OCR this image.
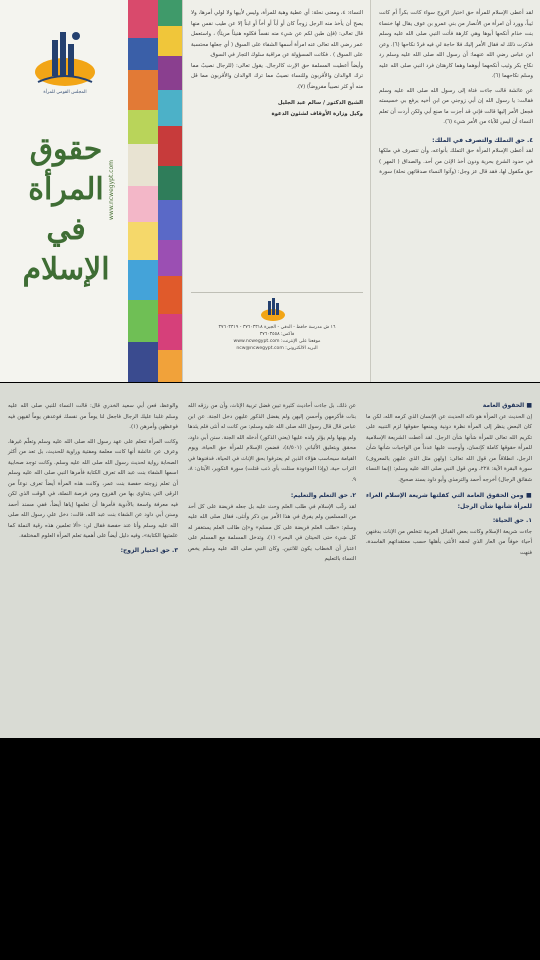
المجلس القومي للمرأة
حقوق
المرأة في
الإسلام
www.ncwegypt.com

النساء: ٤، ومعنى نحلة: أي عطية وهبة للمرأة، وليس لأبيها ولا لولي أمرها، ولا يصح أن يأخذ منه الرجل زوجاً كان أو أباً أو أخاً أو ابناً إلا عن طيب نفس منها قال تعالى: (فإن طبن لكم عن شيء منه نفساً فكلوه هنيئاً مريئاً) ، واستعمل عمر رضي الله تعالى عنه امرأة أسمها الشفاء على السوق ( أي جعلها محتسبة على السوق ) . فكانت المسؤولة عن مراقبة سلوك التجار في السوق.

وأيضاً أعطيت المسلمة حق الإرث كالرجال. يقول تعالى: (للرجال نصيبٌ مما ترك الوالدان والأقربون وللنساء نصيبٌ مما ترك الوالدان والأقربون مما قل منه أو كثر نصيباً مفروضاً) (٧).

الشيخ الدكتور / سالم عبد الجليل

وكيل وزارة الأوقاف لشئون الدعوة

١٦ ش مدرسة حافظ - الدقي - الجيزة ٣٧٦٠٣٣١٨ - ٣٧٦٠٣٣١٩
فاكس: ٣٧٦٠٣٥٥٨
موقعنا على الإنترنت: www.ncwegypt.com
البريد الالكتروني: ncw@ncwegypt.com

لقد أعطى الإسلام للمرأة حق اختيار الزوج سواء كانت بكراً أم كانت ثيباً، وورد أن امرأة من الأنصار من بني عمرو بن عوف يقال لها خنساء بنت خذام أنكحها أبوها وهي كارهة فأتت النبي صلى الله عليه وسلم فذكرت ذلك له فقال الأمر إليك فلا حاجة لي فيه فردّ نكاحها (٦). وعن ابن عباس رضي الله عنهما: أن رسول الله صلى الله عليه وسلم رد نكاح بكر وثيب أنكحهما أبوهما وهما كارهتان فرد النبي صلى الله عليه وسلم نكاحهما (٦).

عن عائشة قالت جاءت فتاة إلى رسول الله صلى الله عليه وسلم فقالت: يا رسول الله إن أبي زوجني من ابن أخيه يرفع بي خسيسته فجعل الأمر إليها قالت فإني قد أجزت ما صنع أبي ولكن أردت أن تعلم النساء أن ليس للآباء من الأمر شيء (٦).

٤. حق التملك والتصرف في الملك:

لقد أعطى الإسلام المرأة حق التملك بأنواعه، وأن تتصرف في ملكها في حدود الشرع بحرية ودون أخذ الإذن من أحد. والصداق ( المهر ) حق مكفول لها، فقد قال عز وجل: (وآتوا النساء صدقاتهن نحلة) سورة

والوعظ، فعن أبي سعيد الخدري قال: قالت النساء للنبي صلى الله عليه وسلم غلبنا عليك الرجال فاجعل لنا يوماً من نفسك فوعدهن يوماً لقيهن فيه فوعظهن وأمرهن (١).

وكانت المرأة تتعلم على عهد رسول الله صلى الله عليه وسلم وتعلّم غيرها، وعرف عن عائشة أنها كانت معلمة ومفتية وراوية للحديث، بل تعد من أكثر الصحابة رواية لحديث رسول الله صلى الله عليه وسلم. وكانت توجد صحابية اسمها الشفاء بنت عبد الله تعرف الكتابة فأمرها النبي صلى الله عليه وسلم أن تعلم زوجته حفصة بنت عمر، وكانت هذه المرأة أيضاً تعرف نوعاً من الرقى التي يتداوى بها من القروح ومن فرصة النملة، في الوقت الذي لكن فيه معرفة واسعة بالأدوية فأمرها أن تعلمها إياها أيضاً، ففي مسند أحمد وسنن أبي داود عن الشفاء بنت عبد الله، قالت: دخل علي رسول الله صلى الله عليه وسلم وأنا عند حفصة فقال لي: «ألا تعلمين هذه رقية النملة كما علمتيها الكتابة»، وفيه دليل أيضاً على أهمية تعلم المرأة العلوم المختلفة.

٣. حق اختيار الزوج:

عن ذلك، بل جاءت أحاديث كثيرة تبين فضل تربية الإناث، وأن من رزقه الله بنات فأكرمهن وأحسن إليهن ولم يفضل الذكور عليهن دخل الجنة. عن ابن عباس قال قال رسول الله صلى الله عليه وسلم: من كانت له أنثى فلم يئدها ولم يهنها ولم يؤثر ولده عليها (يعني الذكور) أدخله الله الجنة. سنن أبي داود، محقق وبتعليق الألباني (٤/٥٠١)، فضمن الإسلام للمرأة حق الحياة، ويوم القيامة سيحاسب هؤلاء الذين لم يعترفوا بحق الإناث في الحياة، فدفنوها في التراب حية، (وإذا الموءودة سئلت بأي ذنب قتلت) سورة التكوير، الآيتان: ٨، ٩.

٢. حق التعلم والتعليم:

لقد رغّب الإسلام في طلب العلم وحث عليه بل جعله فريضة على كل أحد من المسلمين ولم يفرق في هذا الأمر بين ذكر وأنثى، فقال صلى الله عليه وسلم: «طلب العلم فريضة على كل مسلم» و«إن طالب العلم يستغفر له كل شيء حتى الحيتان في البحر» (١)، وتدخل المسلمة مع المسلم على اعتبار أن الخطاب يكون للاثنين. وكان النبي صلى الله عليه وسلم يخص النساء بالتعليم

■ الحقوق العامة

إن الحديث عن المرأة هو ذاته الحديث عن الإنسان الذي كرمه الله، لكن ما كان البعض ينظر إلى المرأة نظرة دونية ويمنعها حقوقها لزم التنبيه على تكريم الله تعالى للمرأة شأنها شأن الرجل. لقد أعطت الشريعة الإسلامية للمرأة حقوقها كاملة كإنسان، وأوجبت عليها عدداً من الواجبات شأنها شأن الرجل، انطلاقاً من قول الله تعالى: (ولهن مثل الذي عليهن بالمعروف) سورة البقرة الآية: ٢٢٨، ومن قول النبي صلى الله عليه وسلم: (إنما النساء شقائق الرجال) أخرجه أحمد والترمذي وأبو داود بسند صحيح.

■ ومن الحقوق العامة التي كفلتها شريعة الإسلام الغراء للمرأة شأنها شأن الرجل:

١. حق الحياة:

جاءت شريعة الإسلام وكانت بعض القبائل العربية تتخلص من الإناث بدفنهن أحياء خوفاً من العار الذي لحقه الأنثى بأهلها حسب معتقداتهم الفاسدة، فنهت
